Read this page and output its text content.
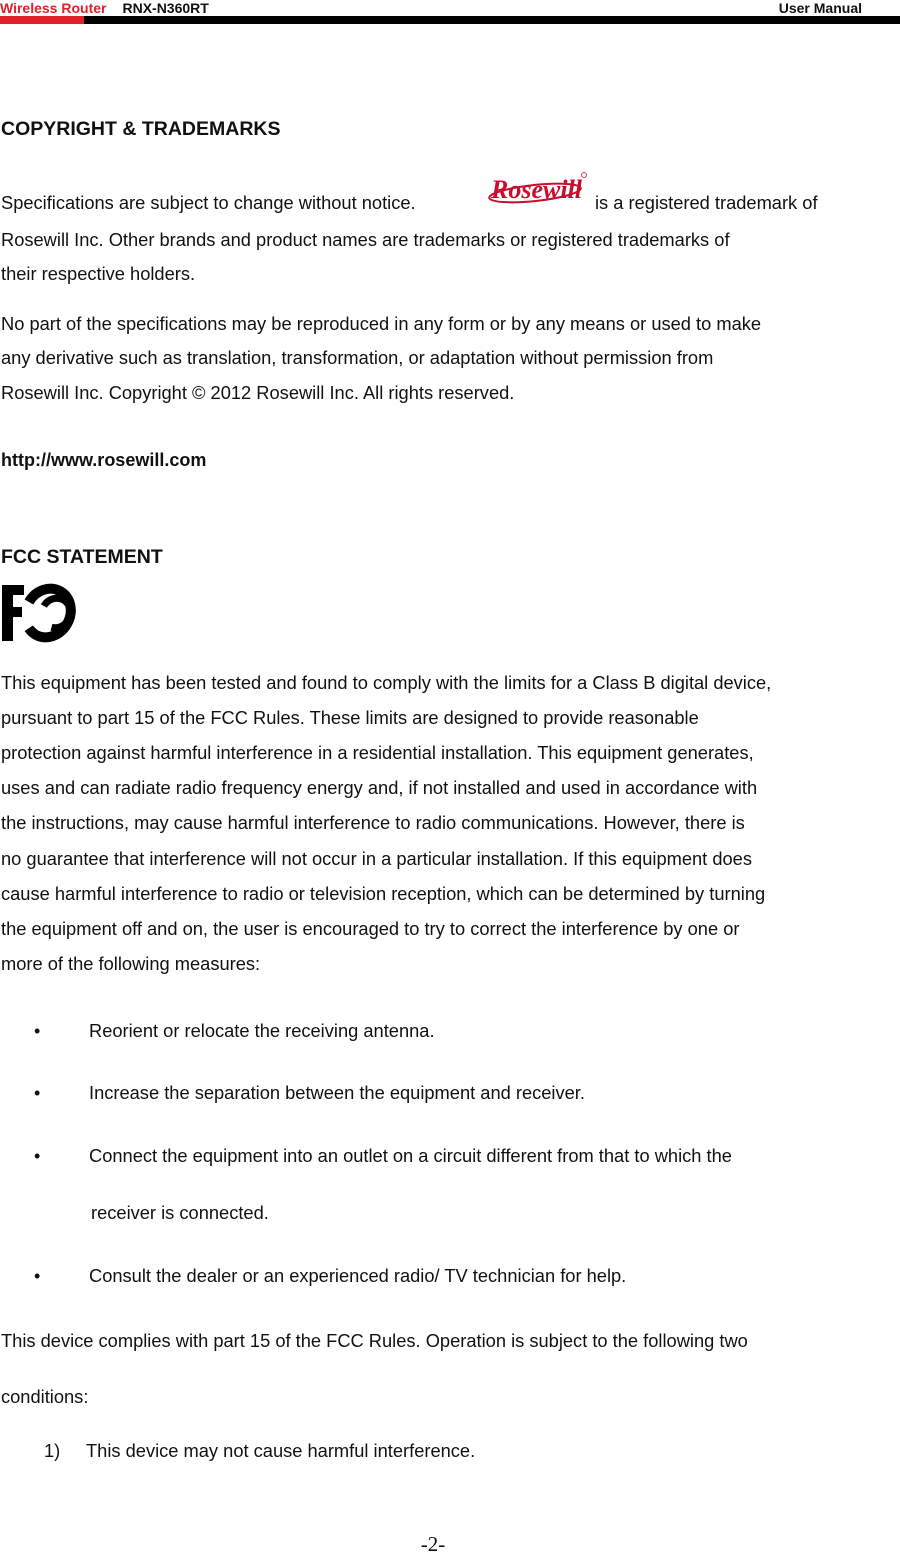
Wireless Router RNX-N360RT	User Manual
COPYRIGHT & TRADEMARKS
Specifications are subject to change without notice.	Rosewill is a registered trademark of
Rosewill Inc. Other brands and product names are trademarks or registered trademarks of
their respective holders.
No part of the specifications may be reproduced in any form or by any means or used to make
any derivative such as translation, transformation, or adaptation without permission from
Rosewill Inc. Copyright © 2012 Rosewill Inc. All rights reserved.
http://www.rosewill.com
FCC STATEMENT
This equipment has been tested and found to comply with the limits for a Class B digital device,
pursuant to part 15 of the FCC Rules. These limits are designed to provide reasonable
protection against harmful interference in a residential installation. This equipment generates,
uses and can radiate radio frequency energy and, if not installed and used in accordance with
the instructions, may cause harmful interference to radio communications. However, there is
no guarantee that interference will not occur in a particular installation. If this equipment does
cause harmful interference to radio or television reception, which can be determined by turning
the equipment off and on, the user is encouraged to try to correct the interference by one or
more of the following measures:
•	Reorient or relocate the receiving antenna.
•	Increase the separation between the equipment and receiver.
•	Connect the equipment into an outlet on a circuit different from that to which the
receiver is connected.
•	Consult the dealer or an experienced radio/ TV technician for help.
This device complies with part 15 of the FCC Rules. Operation is subject to the following two
conditions:
1) This device may not cause harmful interference.
-2-
